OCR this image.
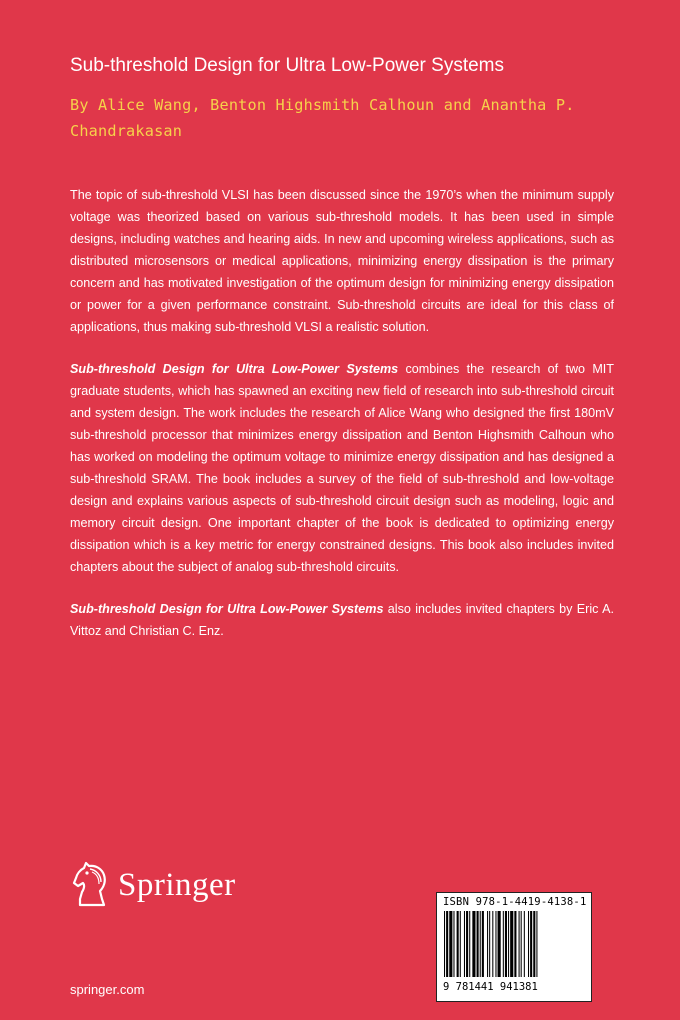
Sub-threshold Design for Ultra Low-Power Systems
By Alice Wang, Benton Highsmith Calhoun and Anantha P. Chandrakasan

The topic of sub-threshold VLSI has been discussed since the 1970’s when the minimum supply voltage was theorized based on various sub-threshold models. It has been used in simple designs, including watches and hearing aids. In new and upcoming wireless applications, such as distributed microsensors or medical applications, minimizing energy dissipation is the primary concern and has motivated investigation of the optimum design for minimizing energy dissipation or power for a given performance constraint. Sub-threshold circuits are ideal for this class of applications, thus making sub-threshold VLSI a realistic solution.

Sub-threshold Design for Ultra Low-Power Systems combines the research of two MIT graduate students, which has spawned an exciting new field of research into sub-threshold circuit and system design. The work includes the research of Alice Wang who designed the first 180mV sub-threshold processor that minimizes energy dissipation and Benton Highsmith Calhoun who has worked on modeling the optimum voltage to minimize energy dissipation and has designed a sub-threshold SRAM. The book includes a survey of the field of sub-threshold and low-voltage design and explains various aspects of sub-threshold circuit design such as modeling, logic and memory circuit design. One important chapter of the book is dedicated to optimizing energy dissipation which is a key metric for energy constrained designs. This book also includes invited chapters about the subject of analog sub-threshold circuits.

Sub-threshold Design for Ultra Low-Power Systems also includes invited chapters by Eric A. Vittoz and Christian C. Enz.

Springer
springer.com
ISBN 978-1-4419-4138-1
9 781441 941381
